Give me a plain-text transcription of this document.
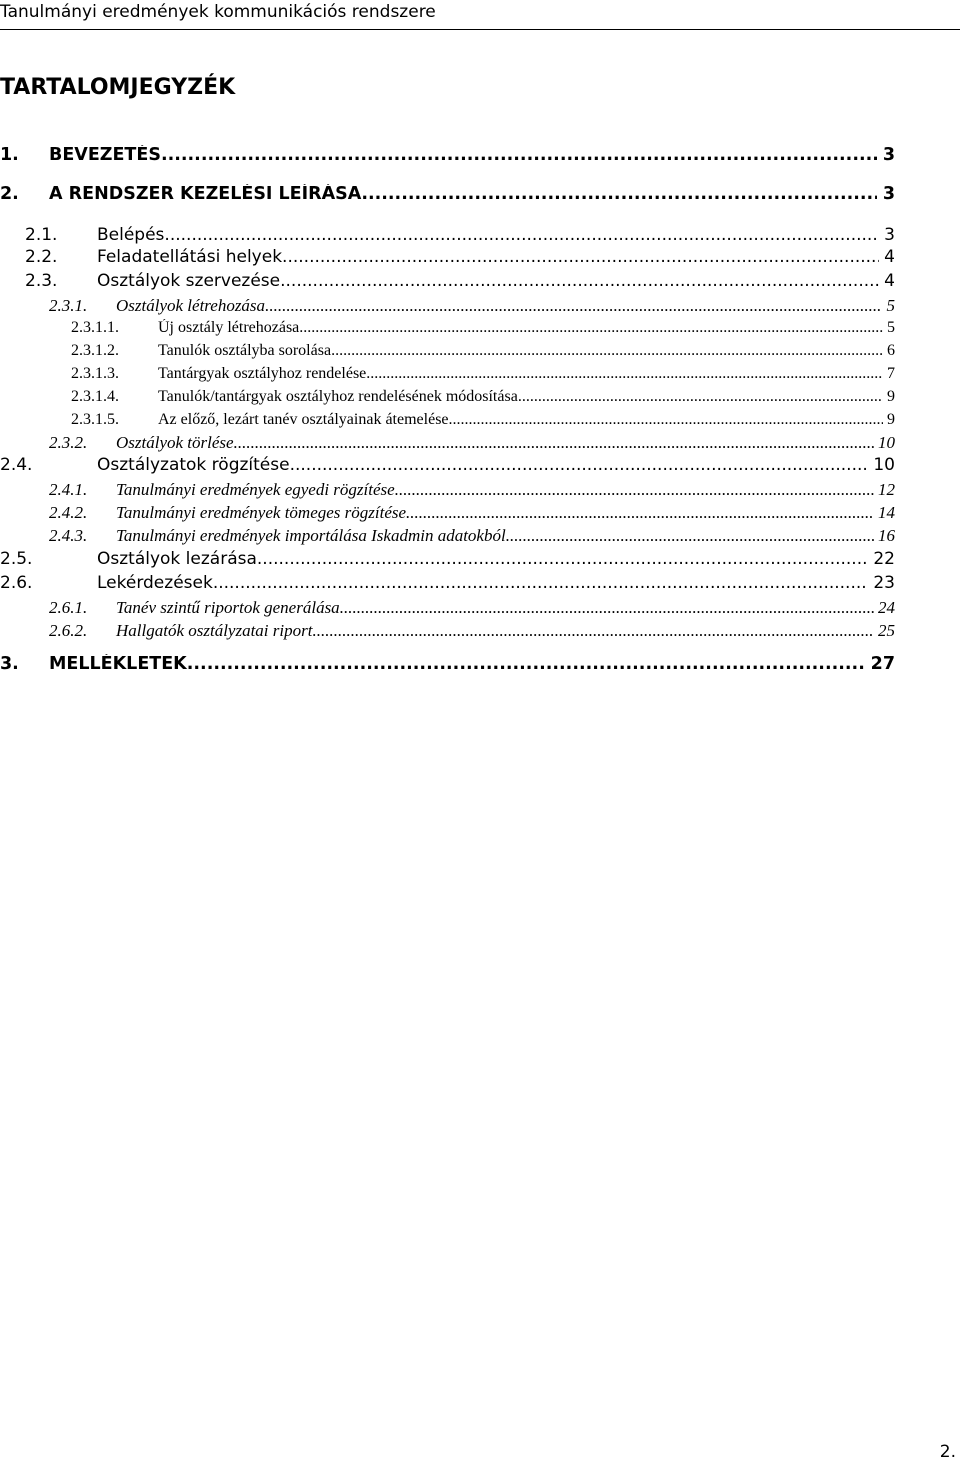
Tanulmányi eredmények kommunikációs rendszere
TARTALOMJEGYZÉK
1.	BEVEZETÉS .....	3
2.	A RENDSZER KEZELÉSI LEÍRÁSA .....	3
2.1.	Belépés .....	3
2.2.	Feladatellátási helyek .....	4
2.3.	Osztályok szervezése .....	4
2.3.1.	Osztályok létrehozása .....	5
2.3.1.1.	Új osztály létrehozása .....	5
2.3.1.2.	Tanulók osztályba sorolása .....	6
2.3.1.3.	Tantárgyak osztályhoz rendelése .....	7
2.3.1.4.	Tanulók/tantárgyak osztályhoz rendelésének módosítása .....	9
2.3.1.5.	Az előző, lezárt tanév osztályainak átemelése .....	9
2.3.2.	Osztályok törlése .....	10
2.4.	Osztályzatok rögzítése .....	10
2.4.1.	Tanulmányi eredmények egyedi rögzítése .....	12
2.4.2.	Tanulmányi eredmények tömeges rögzítése .....	14
2.4.3.	Tanulmányi eredmények importálása Iskadmin adatokból .....	16
2.5.	Osztályok lezárása .....	22
2.6.	Lekérdezések .....	23
2.6.1.	Tanév szintű riportok generálása .....	24
2.6.2.	Hallgatók osztályzatai riport .....	25
3.	MELLÉKLETEK .....	27
2.
